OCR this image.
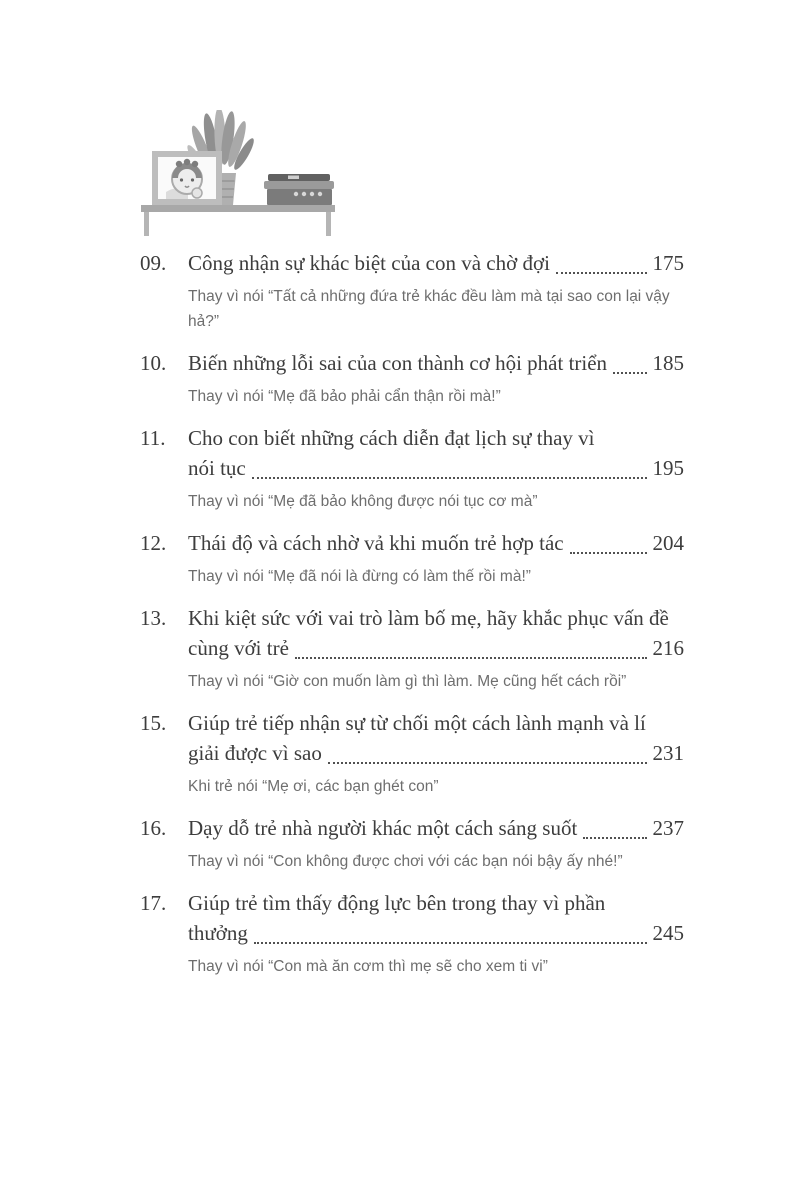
09.	Công nhận sự khác biệt của con và chờ đợi	175
Thay vì nói “Tất cả những đứa trẻ khác đều làm mà tại sao con lại vậy hả?”
10.	Biến những lỗi sai của con thành cơ hội phát triển 185
Thay vì nói “Mẹ đã bảo phải cẩn thận rồi mà!”
11.	Cho con biết những cách diễn đạt lịch sự thay vì
nói tục	195
Thay vì nói “Mẹ đã bảo không được nói tục cơ mà”
12.	Thái độ và cách nhờ vả khi muốn trẻ hợp tác	204
Thay vì nói “Mẹ đã nói là đừng có làm thế rồi mà!”
13.	Khi kiệt sức với vai trò làm bố mẹ, hãy khắc phục vấn đề
cùng với trẻ	216
Thay vì nói “Giờ con muốn làm gì thì làm. Mẹ cũng hết cách rồi”
15.	Giúp trẻ tiếp nhận sự từ chối một cách lành mạnh và lí
giải được vì sao	231
Khi trẻ nói “Mẹ ơi, các bạn ghét con”
16.	Dạy dỗ trẻ nhà người khác một cách sáng suốt	237
Thay vì nói “Con không được chơi với các bạn nói bậy ấy nhé!”
17.	Giúp trẻ tìm thấy động lực bên trong thay vì phần
thưởng	245
Thay vì nói “Con mà ăn cơm thì mẹ sẽ cho xem ti vi”
